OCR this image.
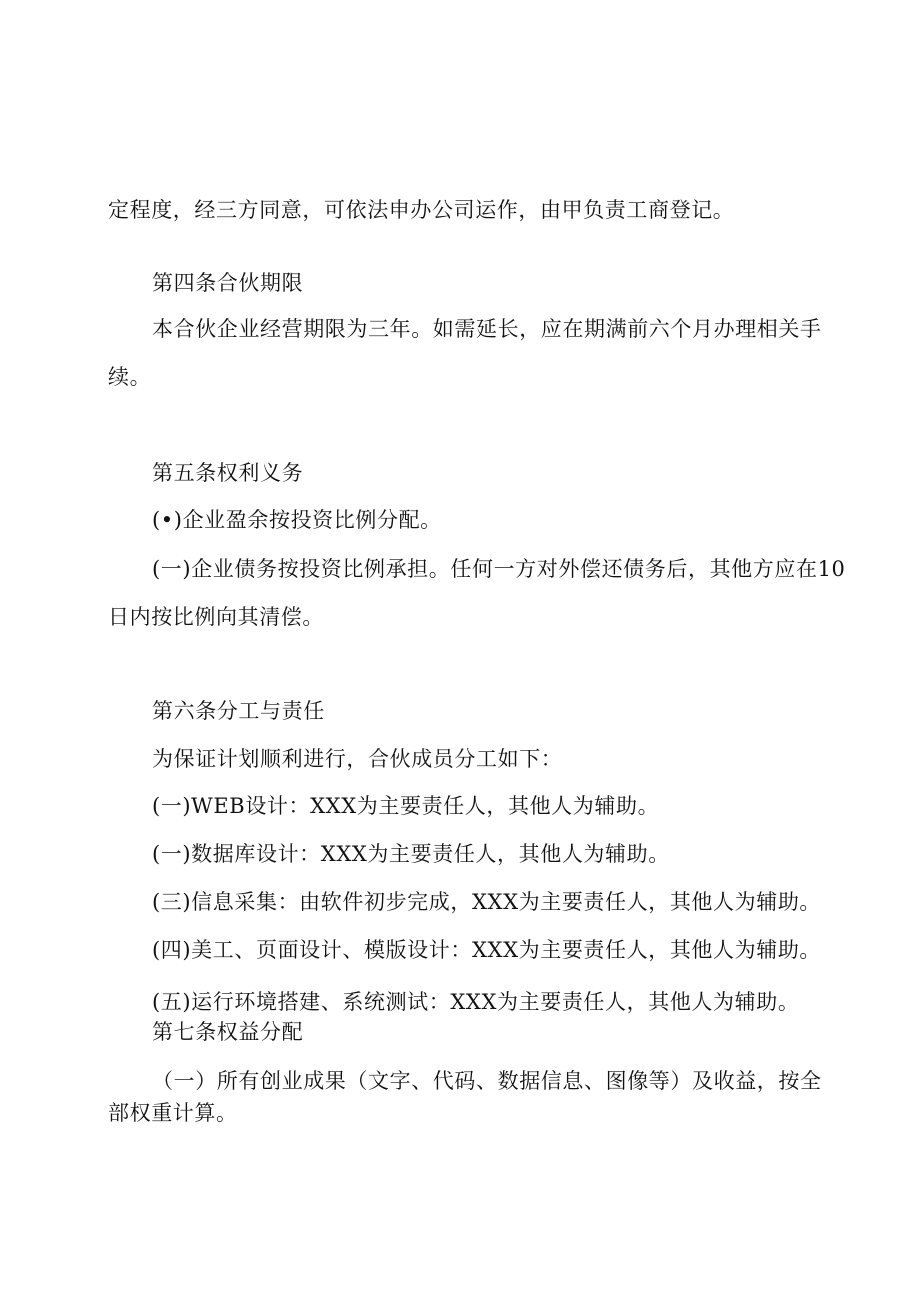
定程度，经三方同意，可依法申办公司运作，由甲负责工商登记。

第四条合伙期限

本合伙企业经营期限为三年。如需延长，应在期满前六个月办理相关手

续。

第五条权利义务

(•)企业盈余按投资比例分配。

(一)企业债务按投资比例承担。任何一方对外偿还债务后，其他方应在10

日内按比例向其清偿。

第六条分工与责任

为保证计划顺利进行，合伙成员分工如下：

(一)WEB设计：XXX为主要责任人，其他人为辅助。

(一)数据库设计：XXX为主要责任人，其他人为辅助。

(三)信息采集：由软件初步完成，XXX为主要责任人，其他人为辅助。

(四)美工、页面设计、模版设计：XXX为主要责任人，其他人为辅助。

(五)运行环境搭建、系统测试：XXX为主要责任人，其他人为辅助。

第七条权益分配

（一）所有创业成果（文字、代码、数据信息、图像等）及收益，按全

部权重计算。
